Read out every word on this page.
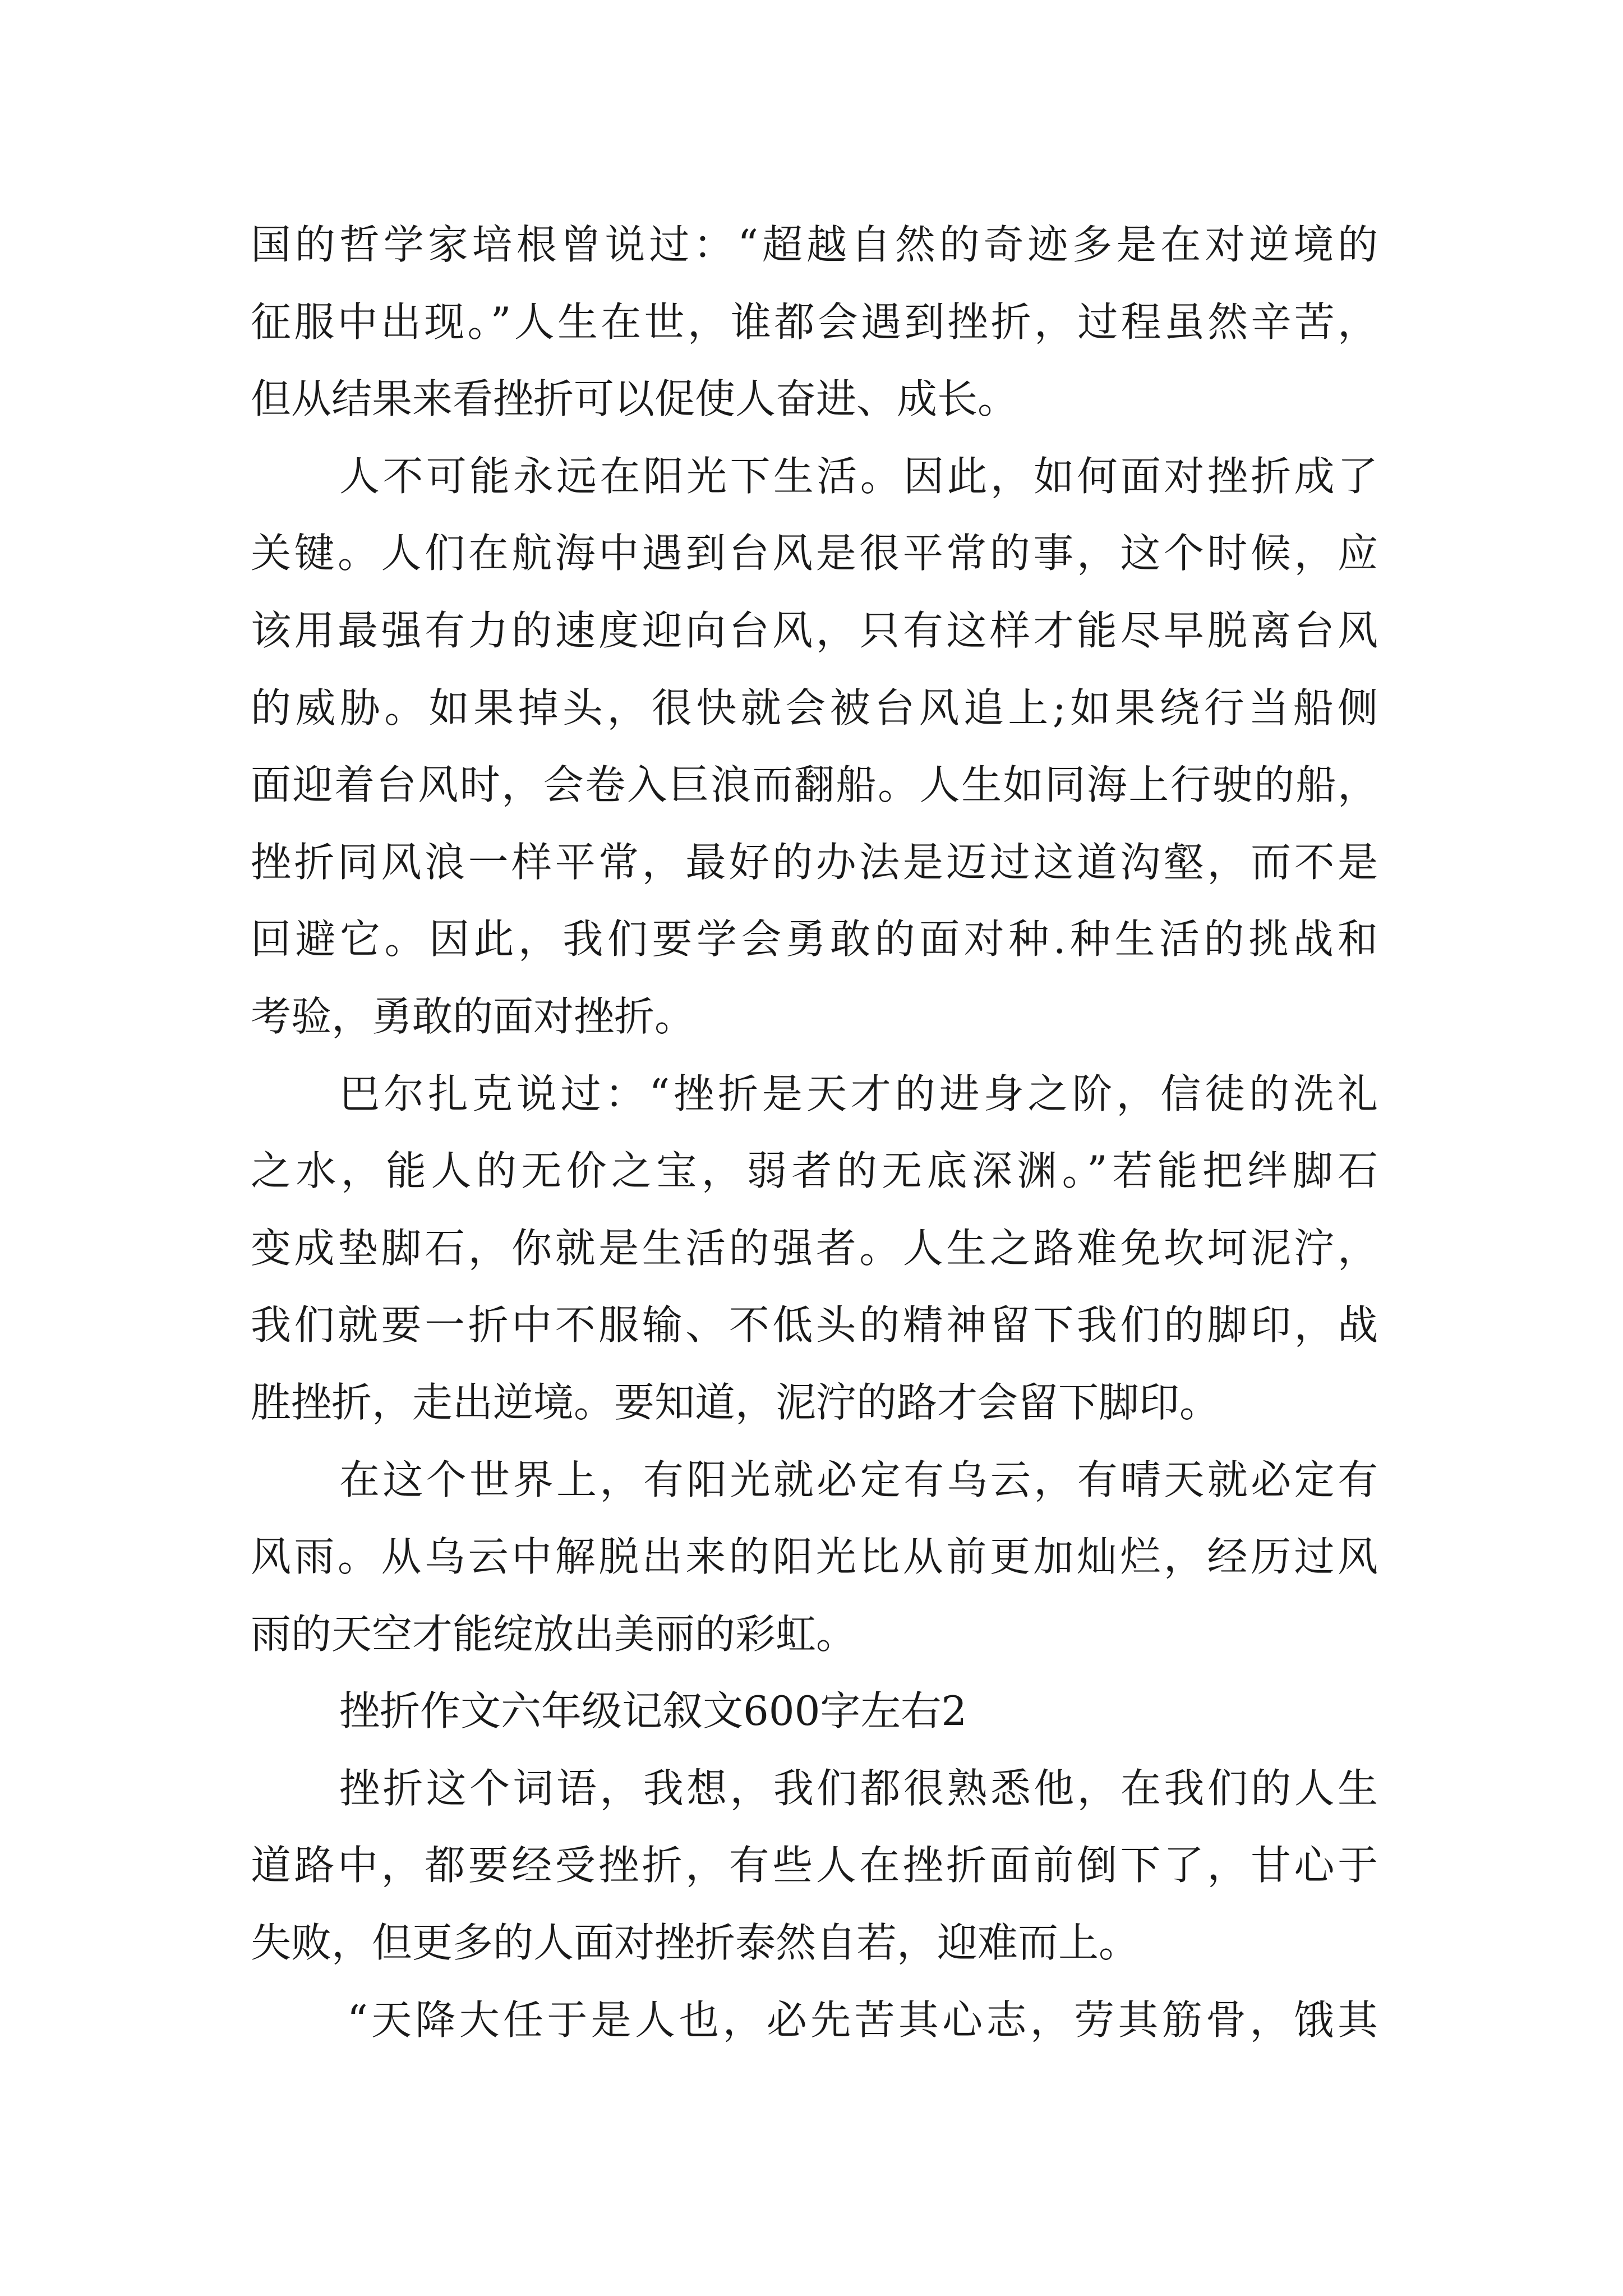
国的哲学家培根曾说过：“超越自然的奇迹多是在对逆境的
征服中出现。”人生在世，谁都会遇到挫折，过程虽然辛苦，
但从结果来看挫折可以促使人奋进、成长。
人不可能永远在阳光下生活。因此，如何面对挫折成了
关键。人们在航海中遇到台风是很平常的事，这个时候，应
该用最强有力的速度迎向台风，只有这样才能尽早脱离台风
的威胁。如果掉头，很快就会被台风追上;如果绕行当船侧
面迎着台风时，会卷入巨浪而翻船。人生如同海上行驶的船，
挫折同风浪一样平常，最好的办法是迈过这道沟壑，而不是
回避它。因此，我们要学会勇敢的面对种.种生活的挑战和
考验，勇敢的面对挫折。
巴尔扎克说过：“挫折是天才的进身之阶，信徒的洗礼
之水，能人的无价之宝，弱者的无底深渊。”若能把绊脚石
变成垫脚石，你就是生活的强者。人生之路难免坎坷泥泞，
我们就要一折中不服输、不低头的精神留下我们的脚印，战
胜挫折，走出逆境。要知道，泥泞的路才会留下脚印。
在这个世界上，有阳光就必定有乌云，有晴天就必定有
风雨。从乌云中解脱出来的阳光比从前更加灿烂，经历过风
雨的天空才能绽放出美丽的彩虹。
挫折作文六年级记叙文600字左右2
挫折这个词语，我想，我们都很熟悉他，在我们的人生
道路中，都要经受挫折，有些人在挫折面前倒下了，甘心于
失败，但更多的人面对挫折泰然自若，迎难而上。
“天降大任于是人也，必先苦其心志，劳其筋骨，饿其
